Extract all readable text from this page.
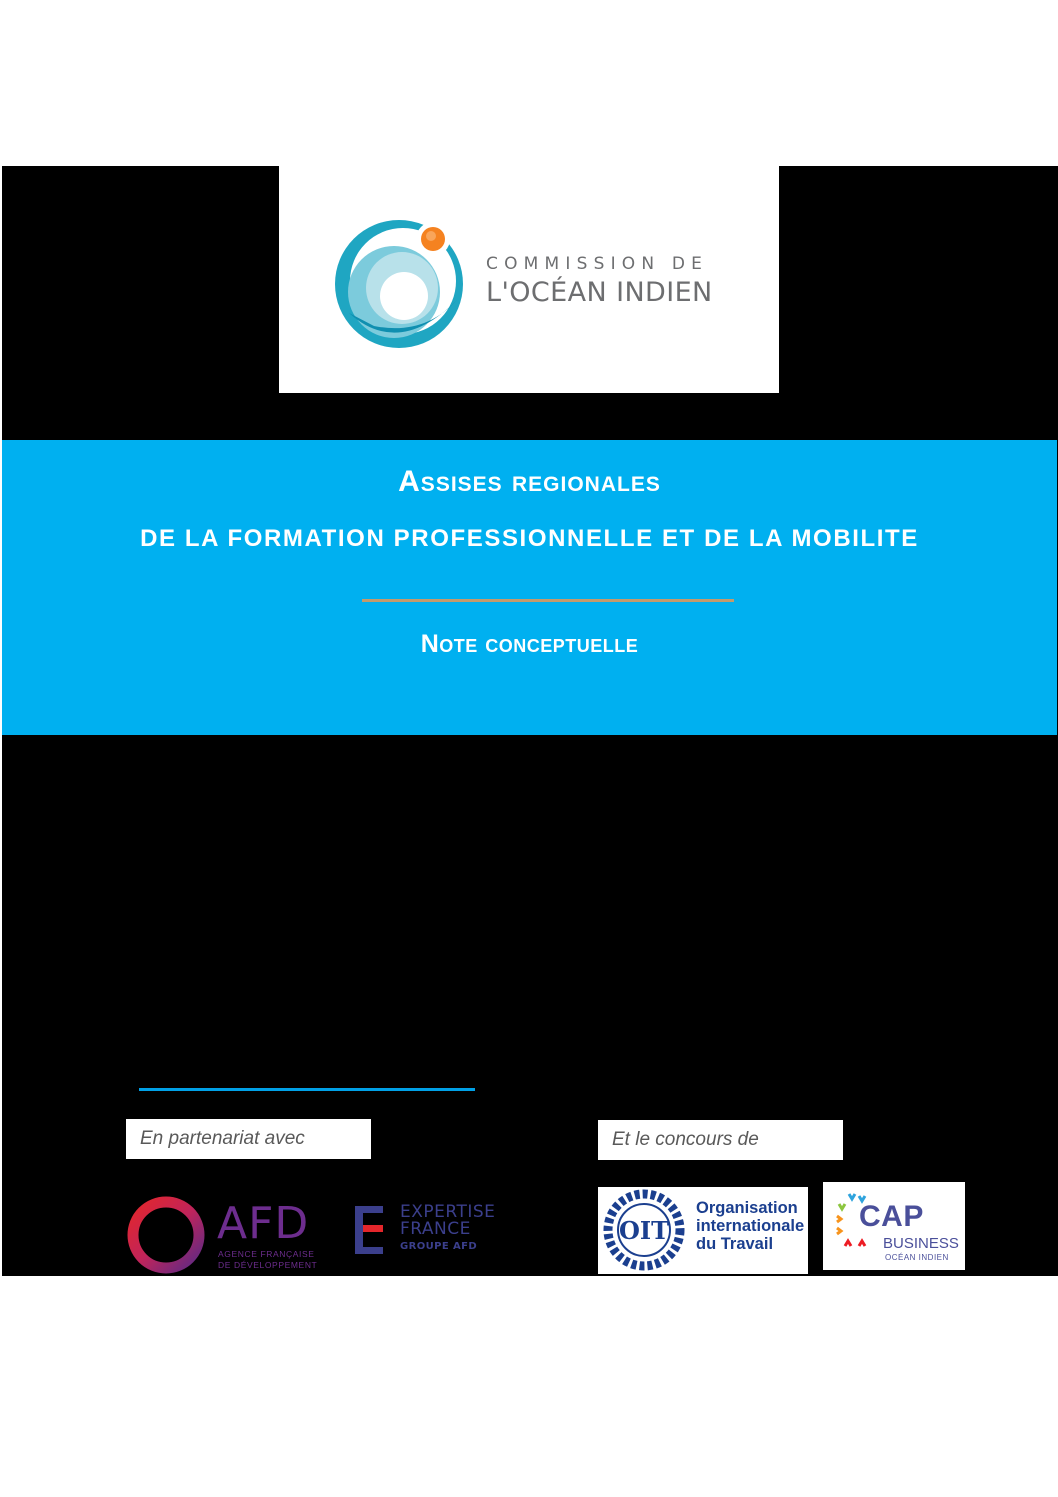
COMMISSION DE
L'OCÉAN INDIEN
Assises regionales
DE LA FORMATION PROFESSIONNELLE ET DE LA MOBILITE
Note conceptuelle
En partenariat avec	Et le concours de
AFD
AGENCE FRANÇAISE
DE DÉVELOPPEMENT
EXPERTISE
FRANCE
GROUPE AFD
OIT
Organisation
internationale
du Travail
CAP
BUSINESS
OCÉAN INDIEN
